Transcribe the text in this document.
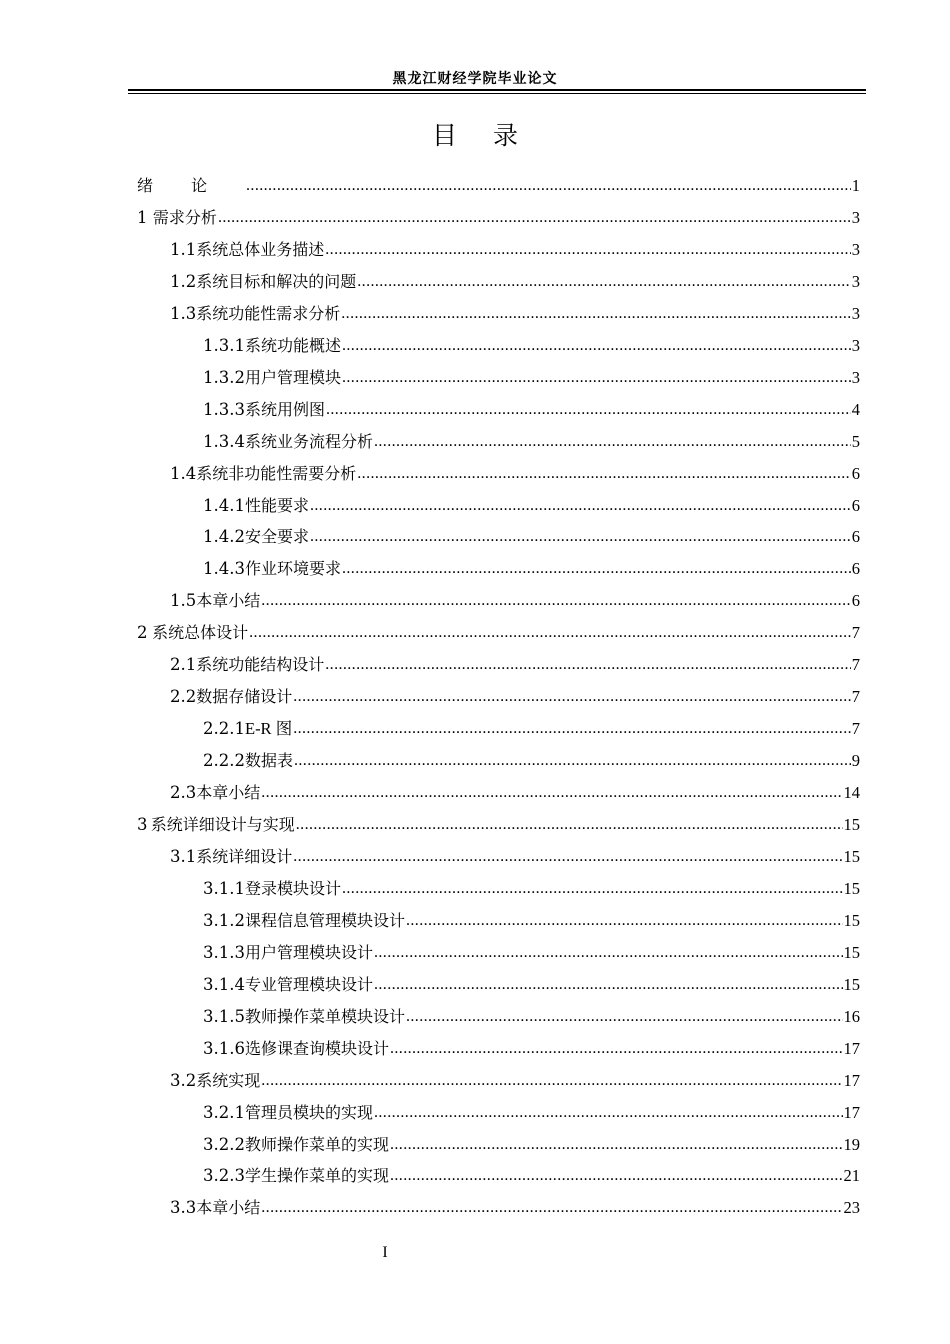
黑龙江财经学院毕业论文
目录
绪论 .....	1
1 需求分析 .....	3
1.1 系统总体业务描述 .....	3
1.2 系统目标和解决的问题 .....	3
1.3 系统功能性需求分析 .....	3
1.3.1 系统功能概述 .....	3
1.3.2 用户管理模块 .....	3
1.3.3 系统用例图 .....	4
1.3.4 系统业务流程分析 .....	5
1.4 系统非功能性需要分析 .....	6
1.4.1 性能要求 .....	6
1.4.2 安全要求 .....	6
1.4.3 作业环境要求 .....	6
1.5 本章小结 .....	6
2 系统总体设计 .....	7
2.1 系统功能结构设计 .....	7
2.2 数据存储设计 .....	7
2.2.1 E-R 图 .....	7
2.2.2 数据表 .....	9
2.3 本章小结 .....	14
3 系统详细设计与实现 .....	15
3.1 系统详细设计 .....	15
3.1.1 登录模块设计 .....	15
3.1.2 课程信息管理模块设计 .....	15
3.1.3 用户管理模块设计 .....	15
3.1.4 专业管理模块设计 .....	15
3.1.5 教师操作菜单模块设计 .....	16
3.1.6 选修课查询模块设计 .....	17
3.2 系统实现 .....	17
3.2.1 管理员模块的实现 .....	17
3.2.2 教师操作菜单的实现 .....	19
3.2.3 学生操作菜单的实现 .....	21
3.3 本章小结 .....	23
I
